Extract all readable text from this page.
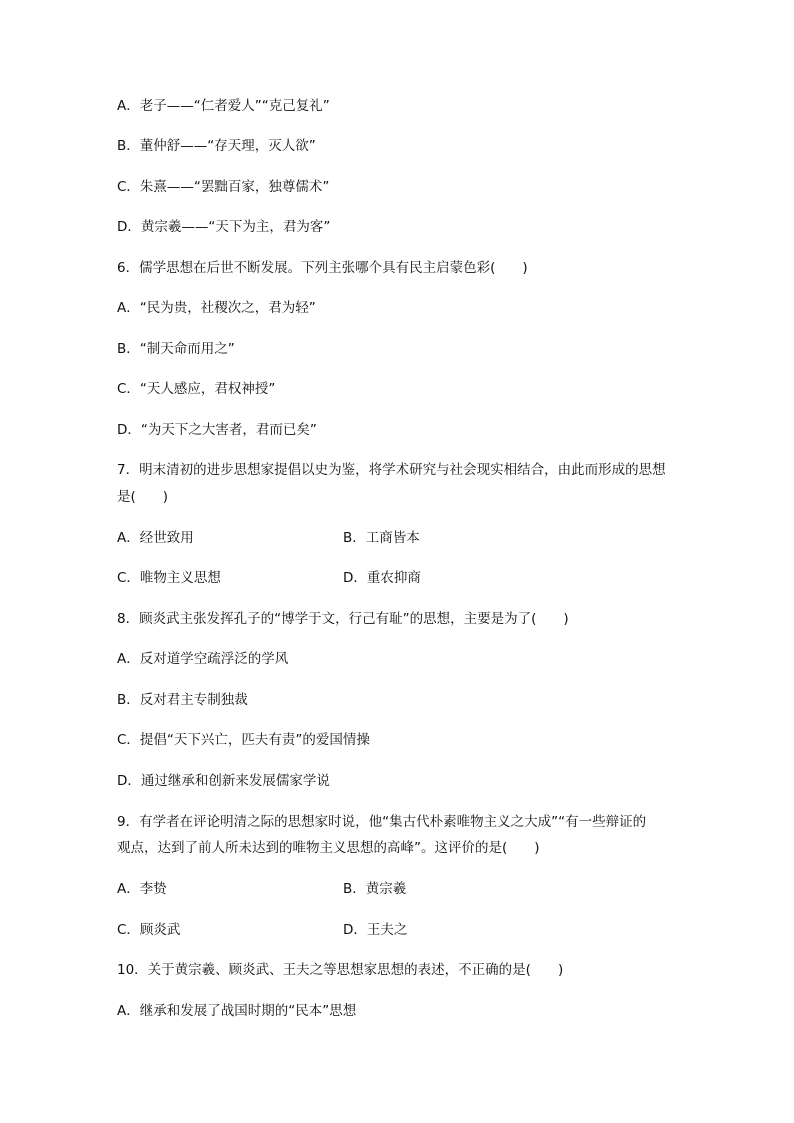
A．老子——“仁者爱人”“克己复礼”
B．董仲舒——“存天理，灭人欲”
C．朱熹——“罢黜百家，独尊儒术”
D．黄宗羲——“天下为主，君为客”
6．儒学思想在后世不断发展。下列主张哪个具有民主启蒙色彩(　　)
A．“民为贵，社稷次之，君为轻”
B．“制天命而用之”
C．“天人感应，君权神授”
D．“为天下之大害者，君而已矣”
7．明末清初的进步思想家提倡以史为鉴，将学术研究与社会现实相结合，由此而形成的思想
是(　　)
A．经世致用	B．工商皆本
C．唯物主义思想	D．重农抑商
8．顾炎武主张发挥孔子的“博学于文，行己有耻”的思想，主要是为了(　　)
A．反对道学空疏浮泛的学风
B．反对君主专制独裁
C．提倡“天下兴亡，匹夫有责”的爱国情操
D．通过继承和创新来发展儒家学说
9．有学者在评论明清之际的思想家时说，他“集古代朴素唯物主义之大成”“有一些辩证的
观点，达到了前人所未达到的唯物主义思想的高峰”。这评价的是(　　)
A．李贽	B．黄宗羲
C．顾炎武	D．王夫之
10．关于黄宗羲、顾炎武、王夫之等思想家思想的表述，不正确的是(　　)
A．继承和发展了战国时期的“民本”思想
